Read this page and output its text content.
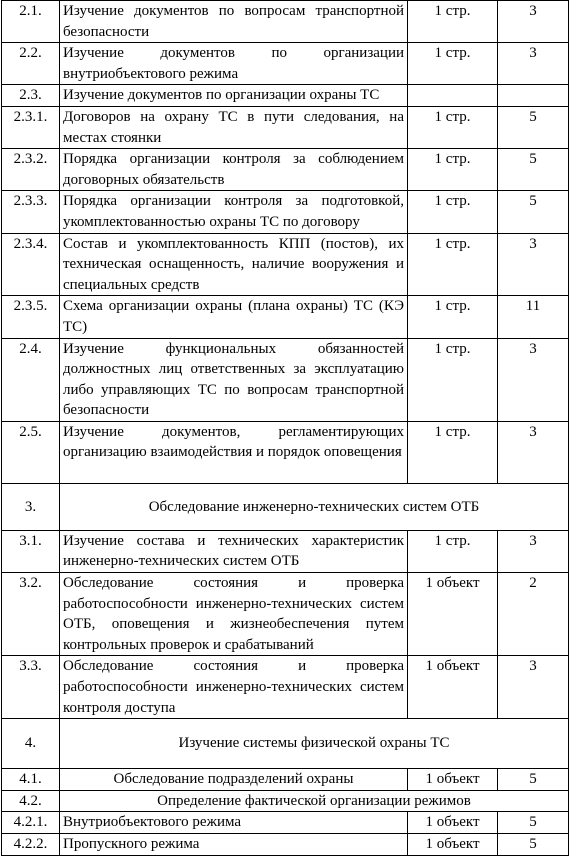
2.1.	Изучение документов по вопросам транспортной безопасности	1 стр.	3
2.2.	Изучение документов по организации внутриобъектового режима	1 стр.	3
2.3.	Изучение документов по организации охраны ТС		
2.3.1.	Договоров на охрану ТС в пути следования, на местах стоянки	1 стр.	5
2.3.2.	Порядка организации контроля за соблюдением договорных обязательств	1 стр.	5
2.3.3.	Порядка организации контроля за подготовкой, укомплектованностью охраны ТС по договору	1 стр.	5
2.3.4.	Состав и укомплектованность КПП (постов), их техническая оснащенность, наличие вооружения и специальных средств	1 стр.	3
2.3.5.	Схема организации охраны (плана охраны) ТС (КЭ ТС)	1 стр.	11
2.4.	Изучение функциональных обязанностей должностных лиц ответственных за эксплуатацию либо управляющих ТС по вопросам транспортной безопасности	1 стр.	3
2.5.	Изучение документов, регламентирующих организацию взаимодействия и порядок оповещения	1 стр.	3
3.	Обследование инженерно-технических систем ОТБ		
3.1.	Изучение состава и технических характеристик инженерно-технических систем ОТБ	1 стр.	3
3.2.	Обследование состояния и проверка работоспособности инженерно-технических систем ОТБ, оповещения и жизнеобеспечения путем контрольных проверок и срабатываний	1 объект	2
3.3.	Обследование состояния и проверка работоспособности инженерно-технических систем контроля доступа	1 объект	3
4.	Изучение системы физической охраны ТС		
4.1.	Обследование подразделений охраны	1 объект	5
4.2.	Определение фактической организации режимов		
4.2.1.	Внутриобъектового режима	1 объект	5
4.2.2.	Пропускного режима	1 объект	5
